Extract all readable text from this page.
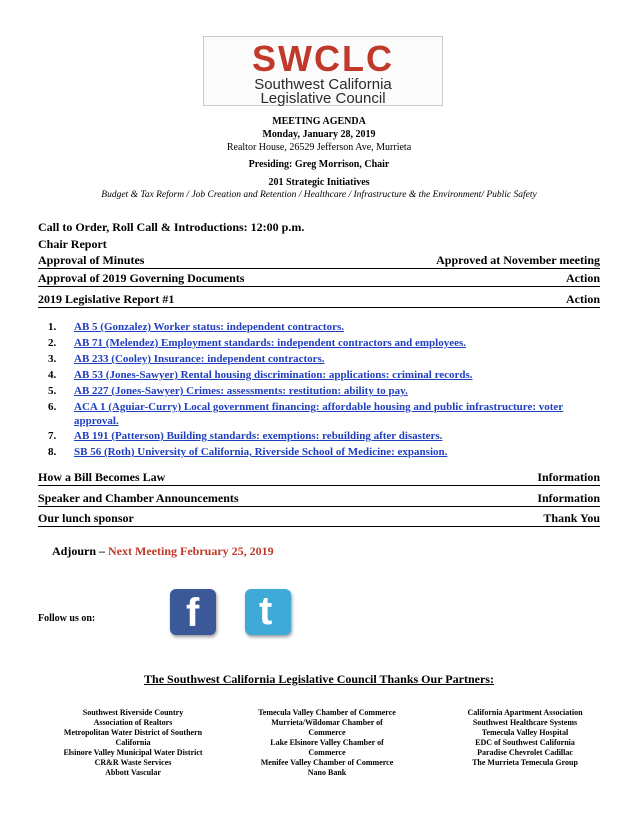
SWCLC
Southwest California
Legislative Council
MEETING AGENDA
Monday, January 28, 2019
Realtor House, 26529 Jefferson Ave, Murrieta
Presiding: Greg Morrison, Chair
201 Strategic Initiatives
Budget & Tax Reform / Job Creation and Retention / Healthcare / Infrastructure & the Environment/ Public Safety
Call to Order, Roll Call & Introductions: 12:00 p.m.
Chair Report
Approval of Minutes	Approved at November meeting
Approval of 2019 Governing Documents	Action
2019 Legislative Report #1	Action
1.	AB 5 (Gonzalez) Worker status: independent contractors.
2.	AB 71 (Melendez) Employment standards: independent contractors and employees.
3.	AB 233 (Cooley) Insurance: independent contractors.
4.	AB 53 (Jones-Sawyer) Rental housing discrimination: applications: criminal records.
5.	AB 227 (Jones-Sawyer) Crimes: assessments: restitution: ability to pay.
6.	ACA 1 (Aguiar-Curry) Local government financing: affordable housing and public infrastructure: voter approval.
7.	AB 191 (Patterson) Building standards: exemptions: rebuilding after disasters.
8.	SB 56 (Roth) University of California, Riverside School of Medicine: expansion.
How a Bill Becomes Law	Information
Speaker and Chamber Announcements	Information
Our lunch sponsor	Thank You
Adjourn – Next Meeting February 25, 2019
Follow us on: f t
The Southwest California Legislative Council Thanks Our Partners:
Southwest Riverside Country
Association of Realtors
Metropolitan Water District of Southern
California
Elsinore Valley Municipal Water District
CR&R Waste Services
Abbott Vascular
Temecula Valley Chamber of Commerce
Murrieta/Wildomar Chamber of
Commerce
Lake Elsinore Valley Chamber of
Commerce
Menifee Valley Chamber of Commerce
Nano Bank
California Apartment Association
Southwest Healthcare Systems
Temecula Valley Hospital
EDC of Southwest California
Paradise Chevrolet Cadillac
The Murrieta Temecula Group
